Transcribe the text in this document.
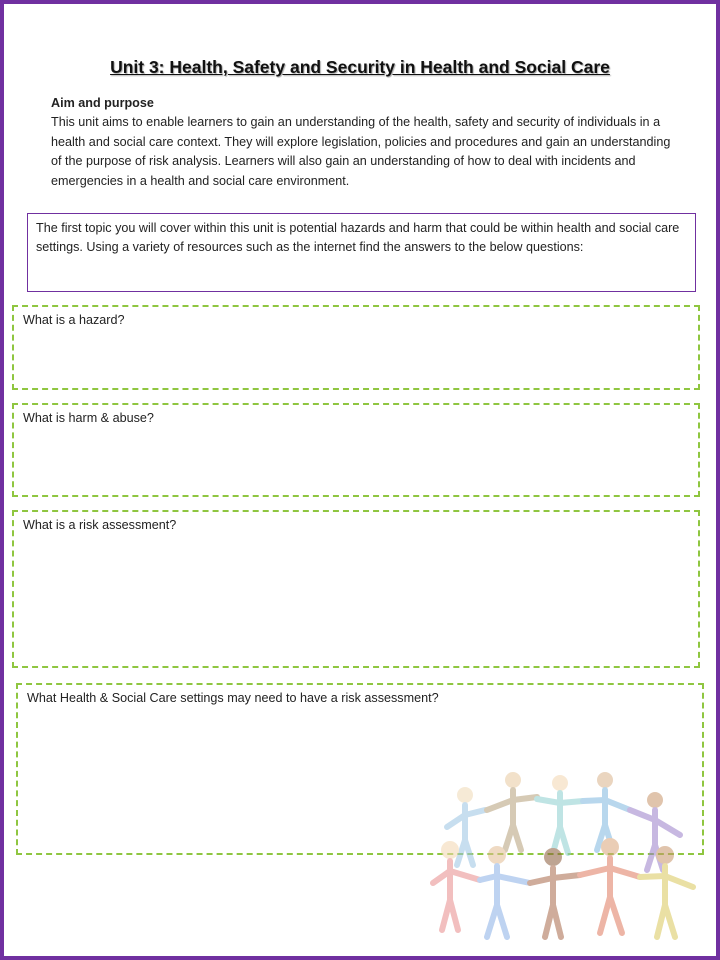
Unit 3: Health, Safety and Security in Health and Social Care
Aim and purpose
This unit aims to enable learners to gain an understanding of the health, safety and security of individuals in a health and social care context. They will explore legislation, policies and procedures and gain an understanding of the purpose of risk analysis. Learners will also gain an understanding of how to deal with incidents and emergencies in a health and social care environment.
The first topic you will cover within this unit is potential hazards and harm that could be within health and social care settings. Using a variety of resources such as the internet find the answers to the below questions:
What is a hazard?
What is harm & abuse?
What is a risk assessment?
What Health & Social Care settings may need to have a risk assessment?
